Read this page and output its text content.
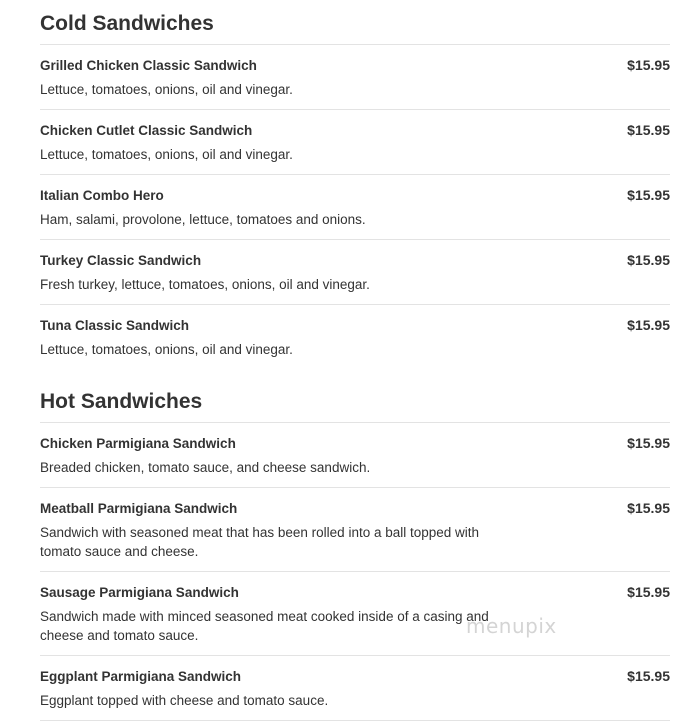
Cold Sandwiches
Grilled Chicken Classic Sandwich	$15.95
Lettuce, tomatoes, onions, oil and vinegar.
Chicken Cutlet Classic Sandwich	$15.95
Lettuce, tomatoes, onions, oil and vinegar.
Italian Combo Hero	$15.95
Ham, salami, provolone, lettuce, tomatoes and onions.
Turkey Classic Sandwich	$15.95
Fresh turkey, lettuce, tomatoes, onions, oil and vinegar.
Tuna Classic Sandwich	$15.95
Lettuce, tomatoes, onions, oil and vinegar.
Hot Sandwiches
Chicken Parmigiana Sandwich	$15.95
Breaded chicken, tomato sauce, and cheese sandwich.
Meatball Parmigiana Sandwich	$15.95
Sandwich with seasoned meat that has been rolled into a ball topped with tomato sauce and cheese.
Sausage Parmigiana Sandwich	$15.95
Sandwich made with minced seasoned meat cooked inside of a casing and cheese and tomato sauce.
Eggplant Parmigiana Sandwich	$15.95
Eggplant topped with cheese and tomato sauce.
menupix
